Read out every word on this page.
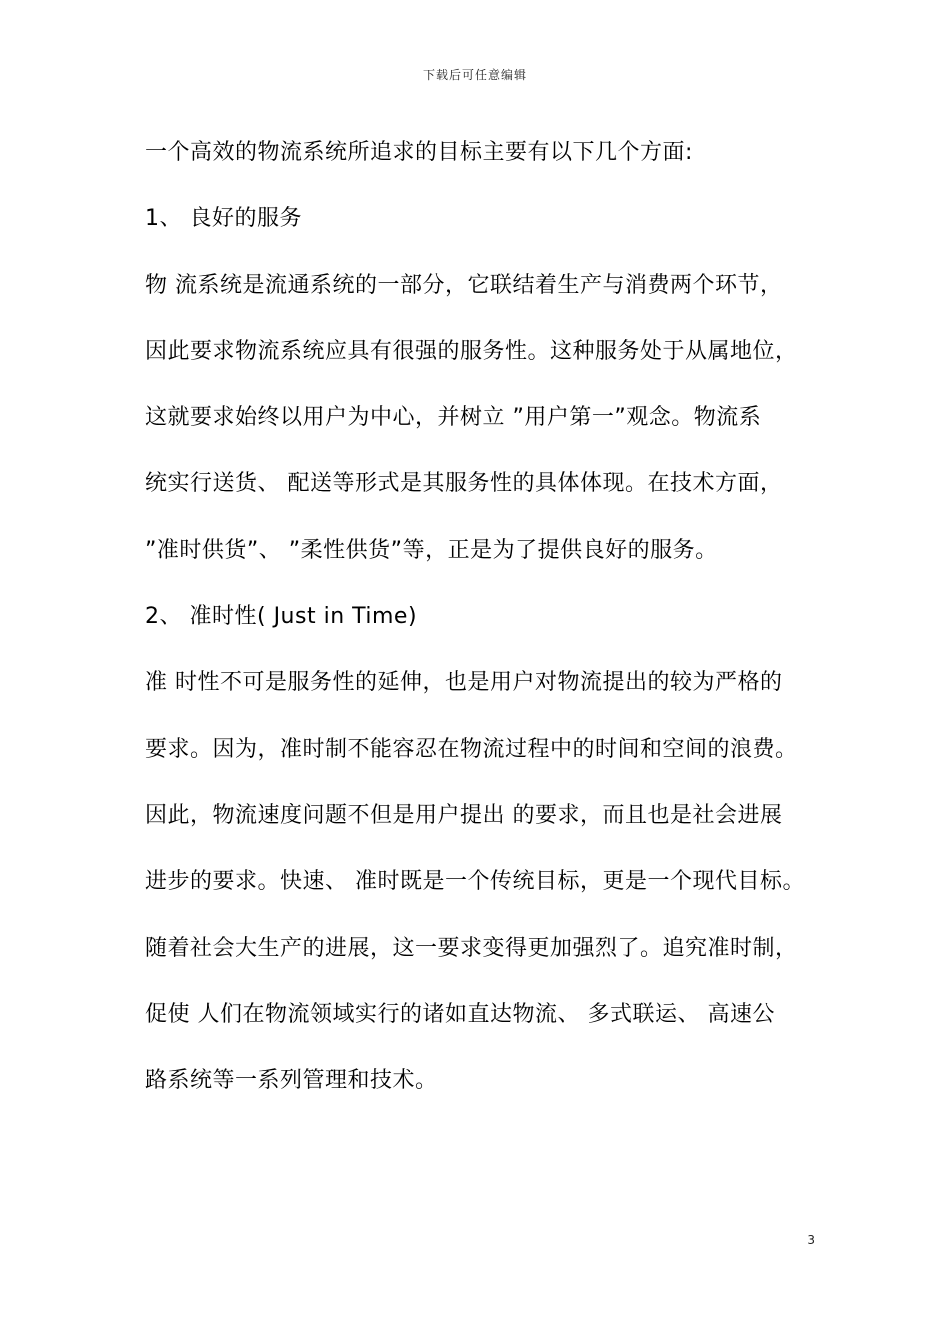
下载后可任意编辑
一个高效的物流系统所追求的目标主要有以下几个方面:
1、 良好的服务
物 流系统是流通系统的一部分，它联结着生产与消费两个环节，
因此要求物流系统应具有很强的服务性。这种服务处于从属地位，
这就要求始终以用户为中心，并树立 ”用户第一”观念。物流系
统实行送货、 配送等形式是其服务性的具体体现。在技术方面，
”准时供货”、 ”柔性供货”等，正是为了提供良好的服务。
2、 准时性( Just in Time)
准 时性不可是服务性的延伸，也是用户对物流提出的较为严格的
要求。因为，准时制不能容忍在物流过程中的时间和空间的浪费。
因此，物流速度问题不但是用户提出 的要求，而且也是社会进展
进步的要求。快速、 准时既是一个传统目标，更是一个现代目标。
随着社会大生产的进展，这一要求变得更加强烈了。追究准时制，
促使 人们在物流领域实行的诸如直达物流、 多式联运、 高速公
路系统等一系列管理和技术。
3
